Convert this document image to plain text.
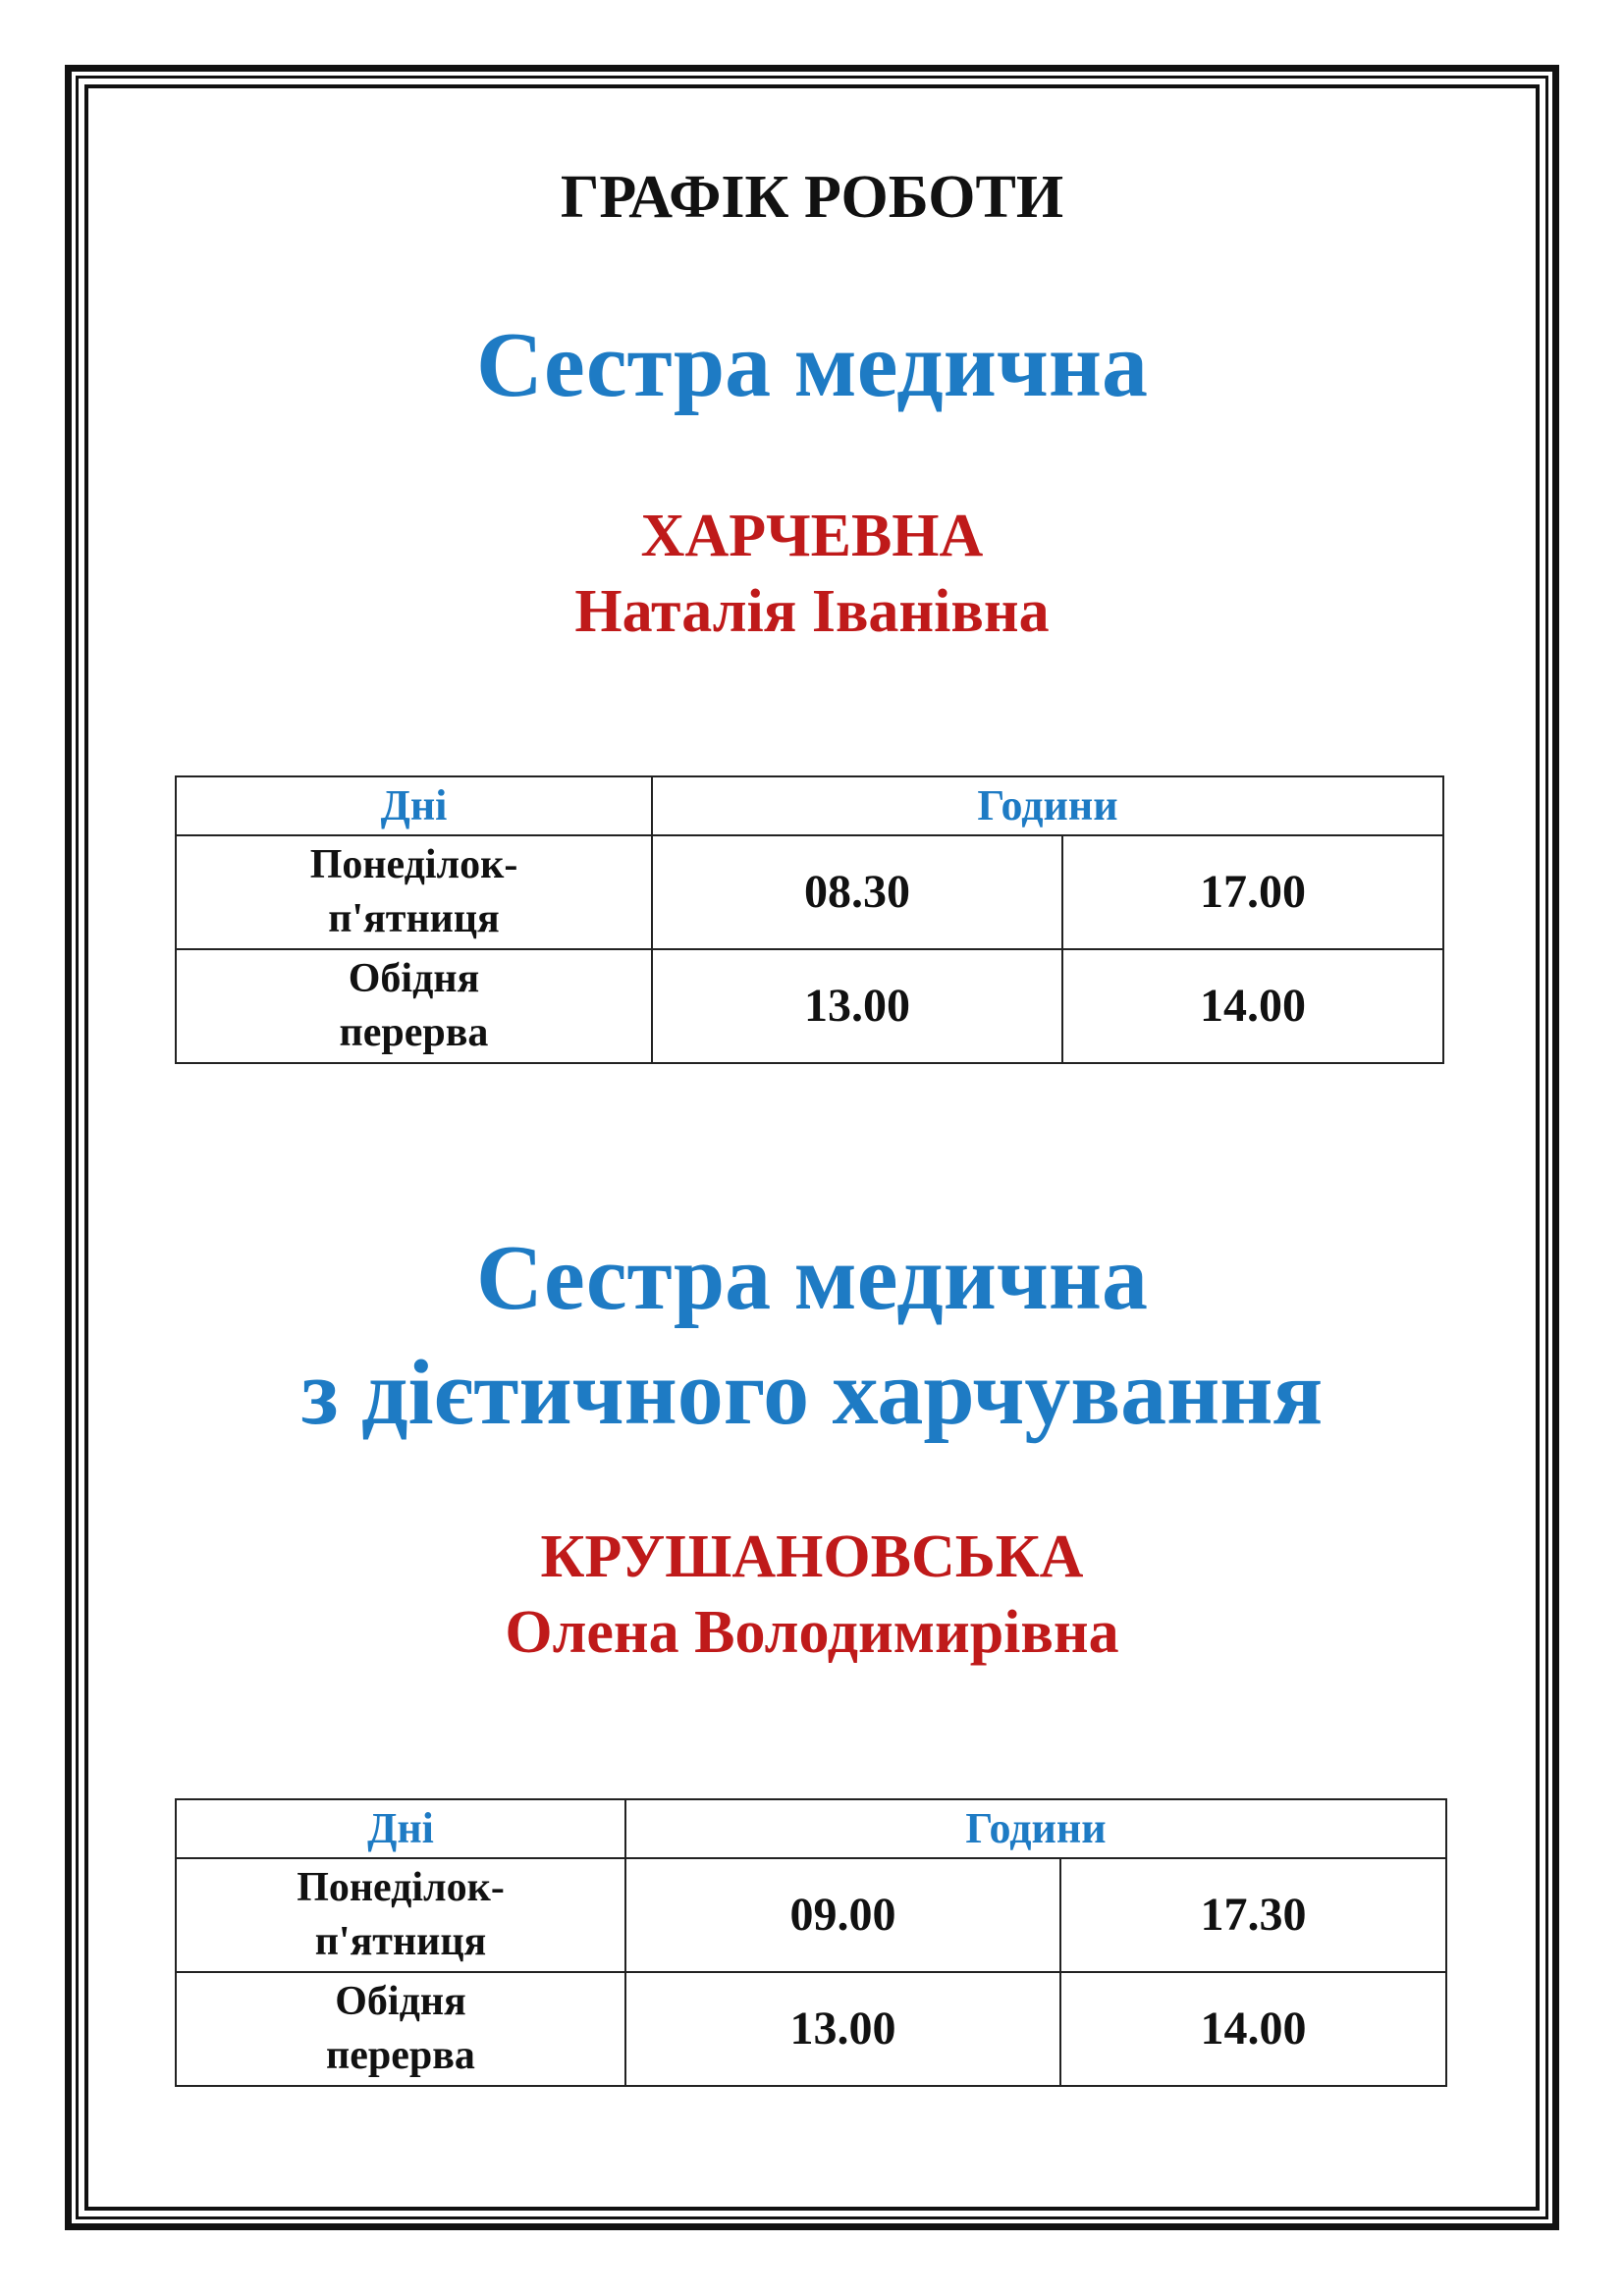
ГРАФІК РОБОТИ
Сестра медична
ХАРЧЕВНА
Наталія Іванівна
Дні	Години	
Понеділок-
п'ятниця	08.30	17.00
Обідня
перерва	13.00	14.00
Сестра медична
з дієтичного харчування
КРУШАНОВСЬКА
Олена Володимирівна
Дні	Години	
Понеділок-
п'ятниця	09.00	17.30
Обідня
перерва	13.00	14.00
